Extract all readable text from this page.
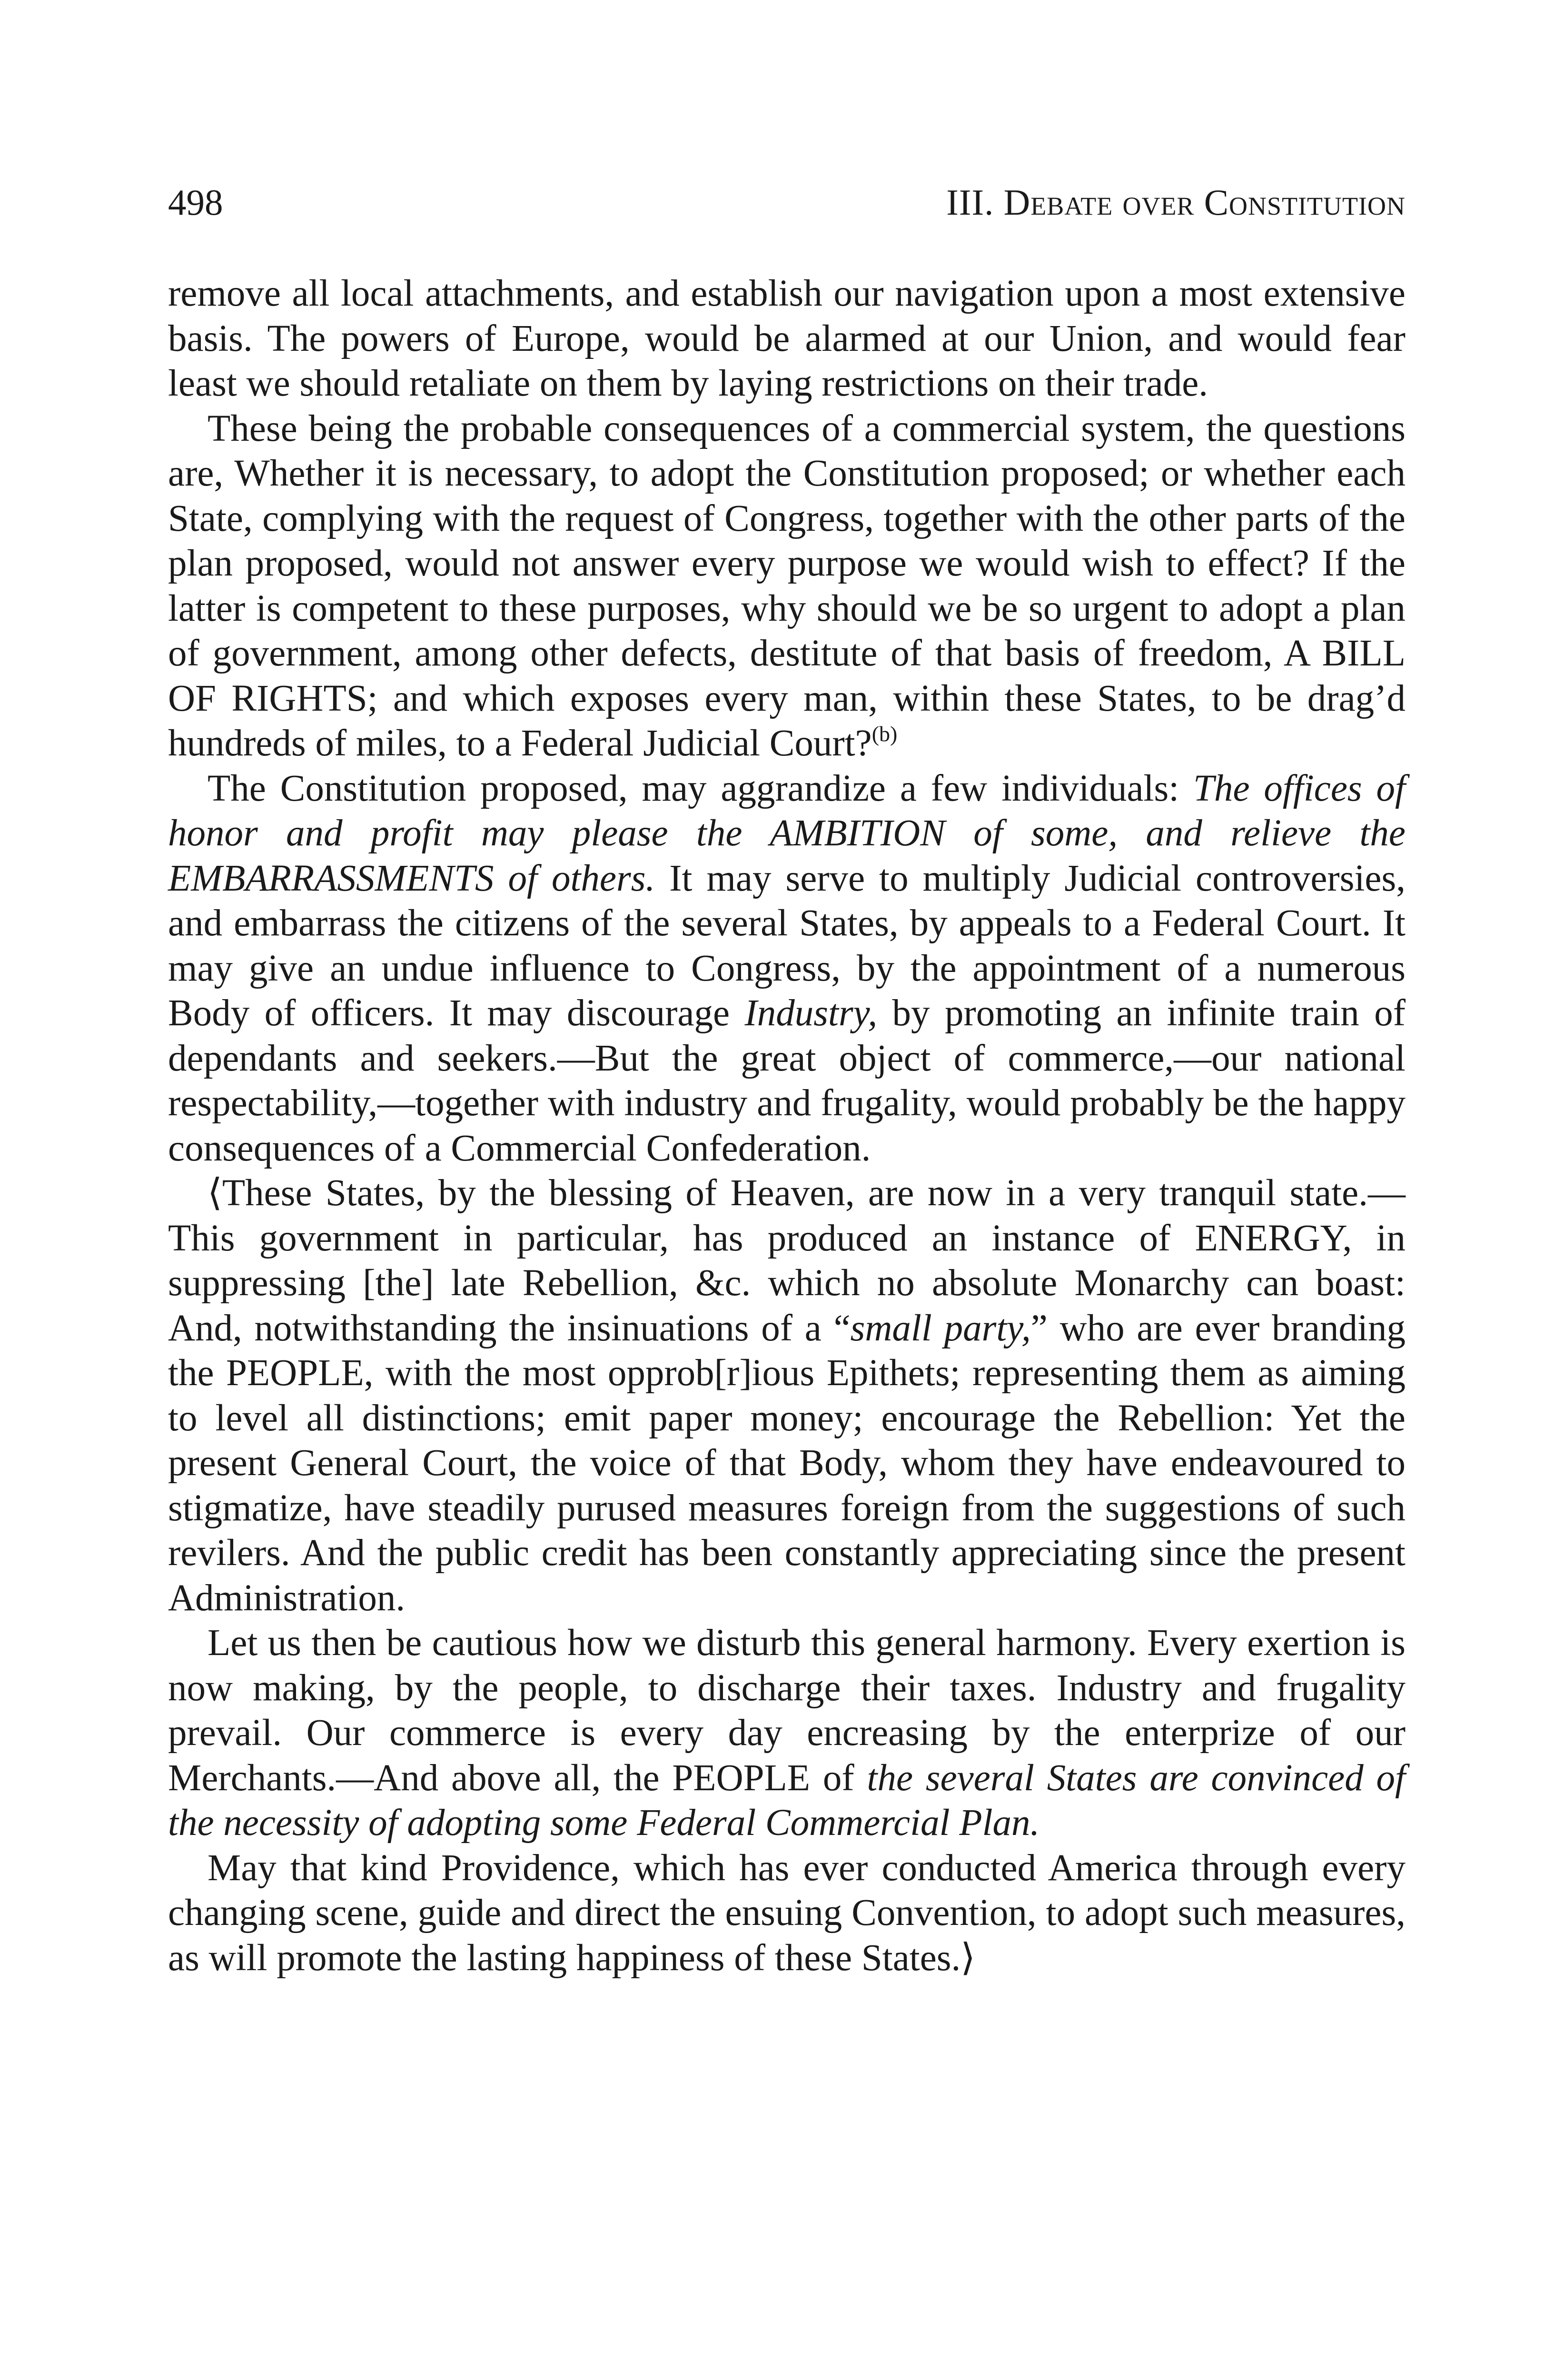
498	III. Debate over Constitution

remove all local attachments, and establish our navigation upon a most extensive basis. The powers of Europe, would be alarmed at our Union, and would fear least we should retaliate on them by laying restrictions on their trade.

These being the probable consequences of a commercial system, the questions are, Whether it is necessary, to adopt the Constitution proposed; or whether each State, complying with the request of Congress, together with the other parts of the plan proposed, would not answer every purpose we would wish to effect? If the latter is competent to these purposes, why should we be so urgent to adopt a plan of government, among other defects, destitute of that basis of freedom, A BILL OF RIGHTS; and which exposes every man, within these States, to be drag’d hundreds of miles, to a Federal Judicial Court?$^{(b)}$

The Constitution proposed, may aggrandize a few individuals: The offices of honor and profit may please the AMBITION of some, and relieve the EMBARRASSMENTS of others. It may serve to multiply Judicial controversies, and embarrass the citizens of the several States, by appeals to a Federal Court. It may give an undue influence to Congress, by the appointment of a numerous Body of officers. It may discourage Industry, by promoting an infinite train of dependants and seekers.—But the great object of commerce,—our national respectability,—together with industry and frugality, would probably be the happy consequences of a Commercial Confederation.

⟨These States, by the blessing of Heaven, are now in a very tranquil state.—This government in particular, has produced an instance of ENERGY, in suppressing [the] late Rebellion, &c. which no absolute Monarchy can boast: And, notwithstanding the insinuations of a “small party,” who are ever branding the PEOPLE, with the most opprob[r]ious Epithets; representing them as aiming to level all distinctions; emit paper money; encourage the Rebellion: Yet the present General Court, the voice of that Body, whom they have endeavoured to stigmatize, have steadily purused measures foreign from the suggestions of such revilers. And the public credit has been constantly appreciating since the present Administration.

Let us then be cautious how we disturb this general harmony. Every exertion is now making, by the people, to discharge their taxes. Industry and frugality prevail. Our commerce is every day encreasing by the enterprize of our Merchants.—And above all, the PEOPLE of the several States are convinced of the necessity of adopting some Federal Commercial Plan.

May that kind Providence, which has ever conducted America through every changing scene, guide and direct the ensuing Convention, to adopt such measures, as will promote the lasting happiness of these States.⟩
